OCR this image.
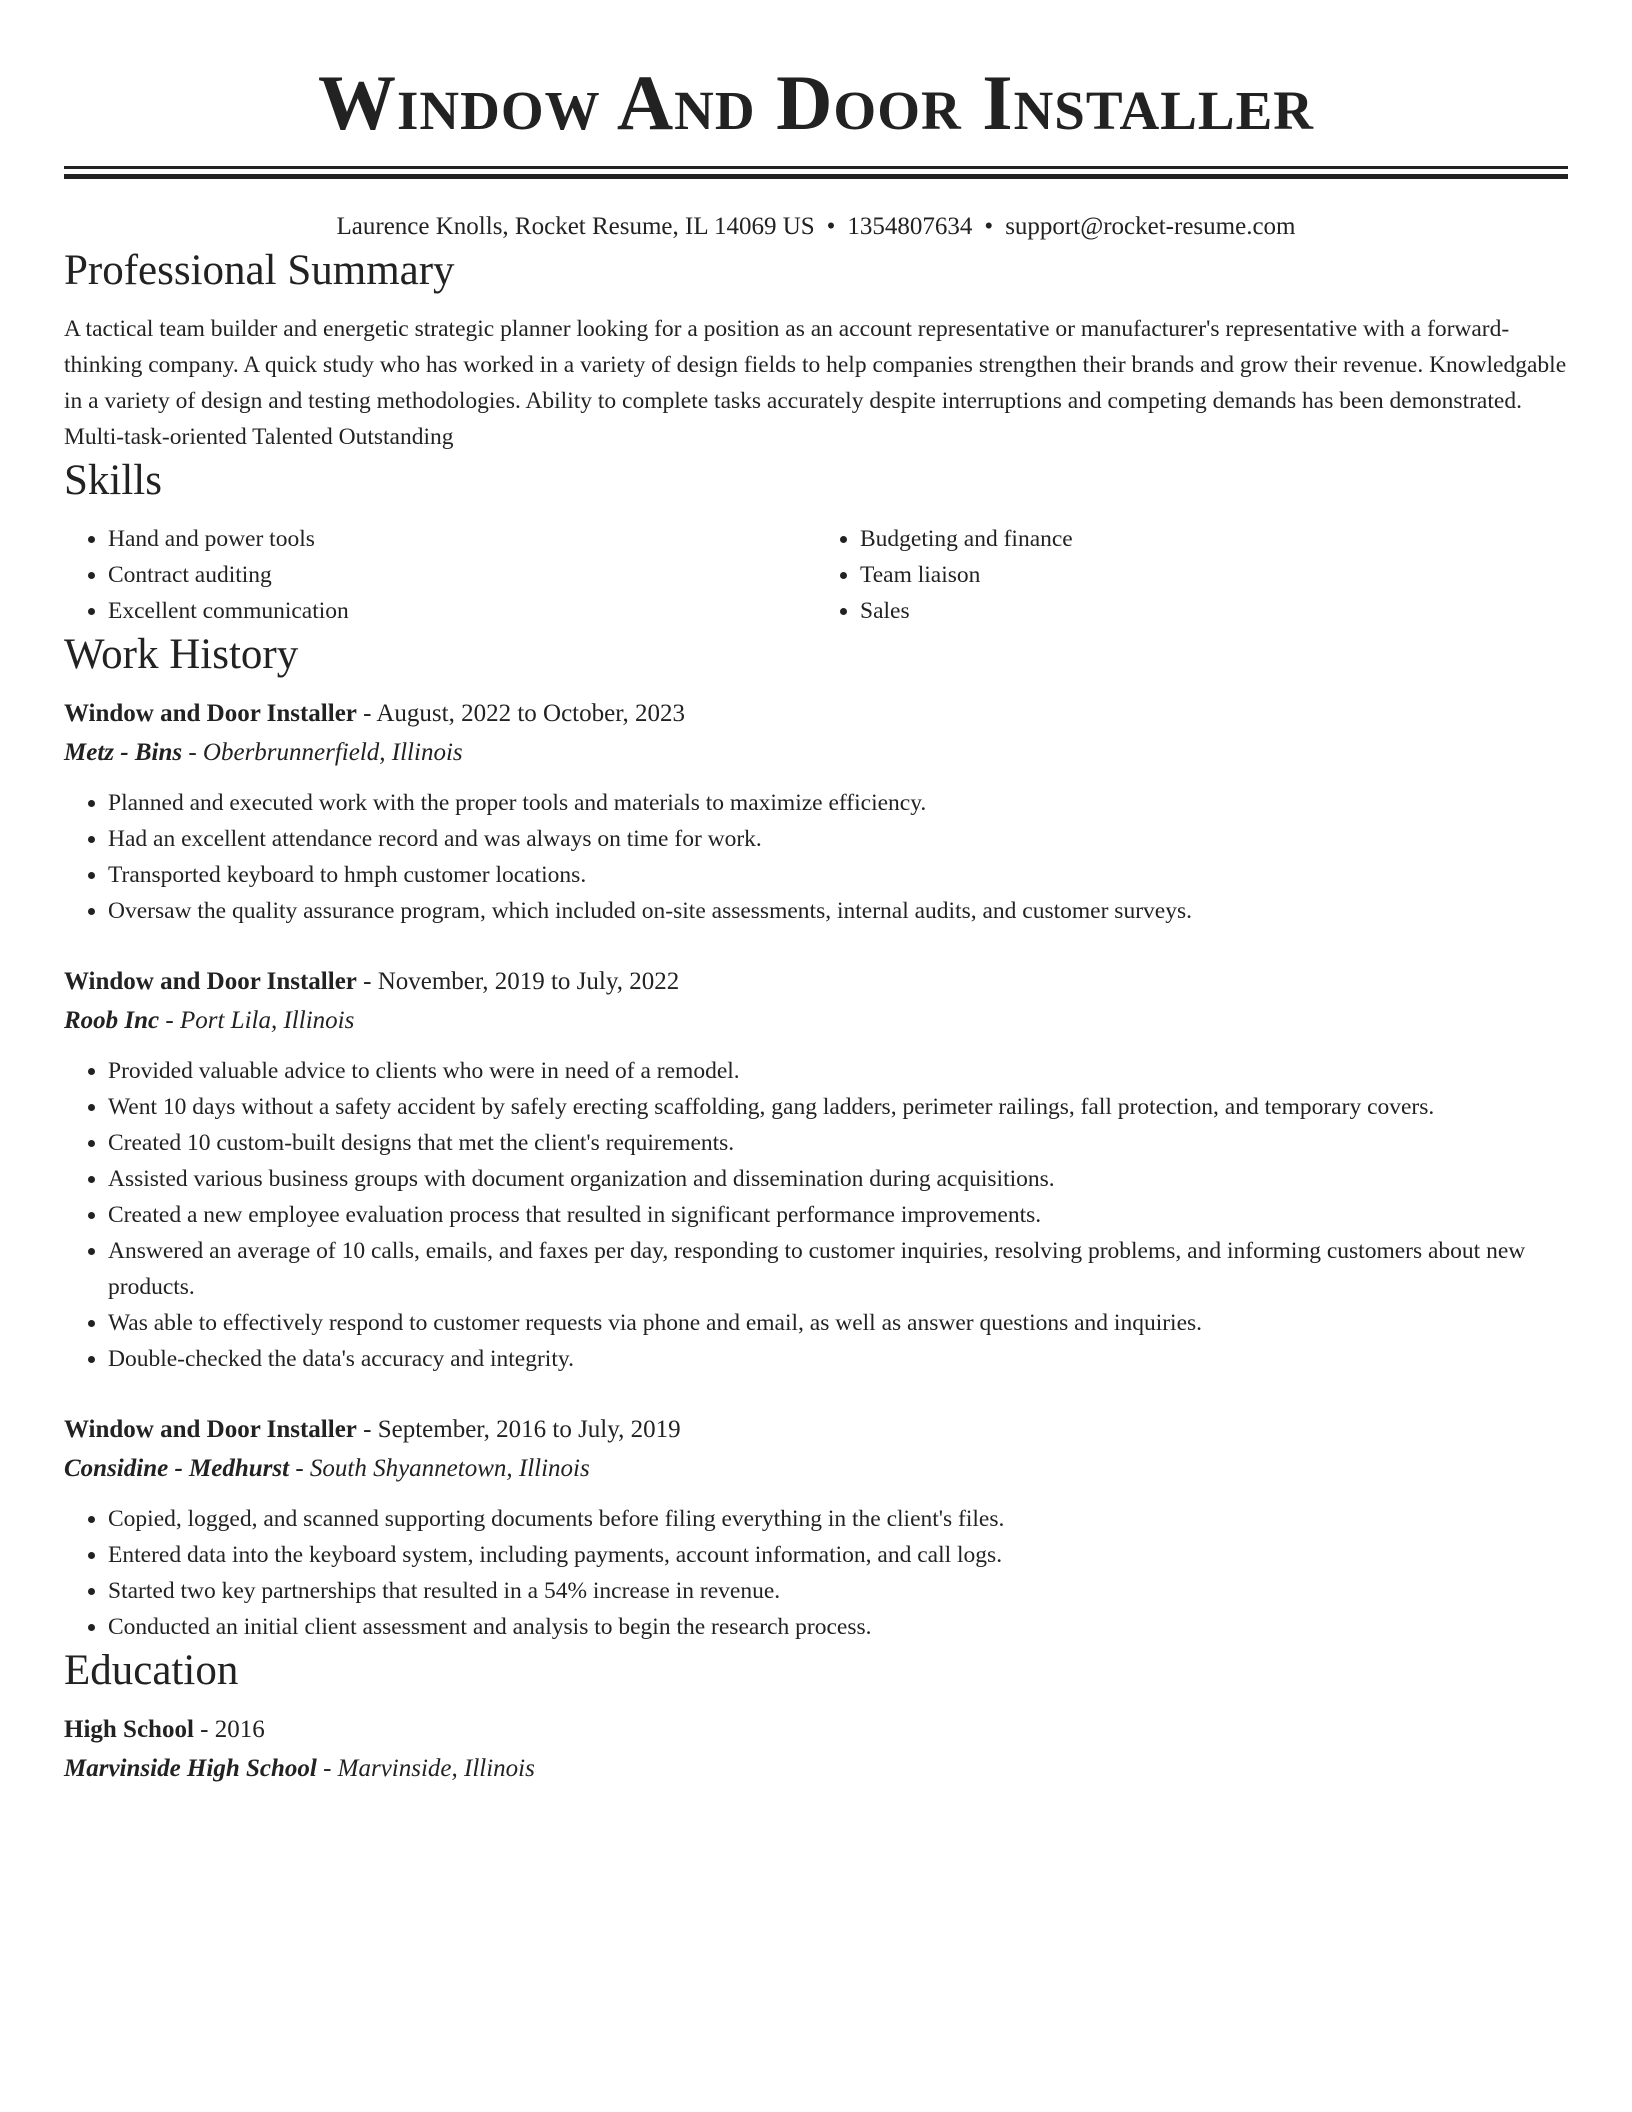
Window And Door Installer
Laurence Knolls, Rocket Resume, IL 14069 US • 1354807634 • support@rocket-resume.com
Professional Summary

A tactical team builder and energetic strategic planner looking for a position as an account representative or manufacturer's representative with a forward-thinking company. A quick study who has worked in a variety of design fields to help companies strengthen their brands and grow their revenue. Knowledgable in a variety of design and testing methodologies. Ability to complete tasks accurately despite interruptions and competing demands has been demonstrated. Multi-task-oriented Talented Outstanding

Skills
• Hand and power tools
• Contract auditing
• Excellent communication
• Budgeting and finance
• Team liaison
• Sales
Work History
Window and Door Installer - August, 2022 to October, 2023
Metz - Bins - Oberbrunnerfield, Illinois
• Planned and executed work with the proper tools and materials to maximize efficiency.
• Had an excellent attendance record and was always on time for work.
• Transported keyboard to hmph customer locations.
• Oversaw the quality assurance program, which included on-site assessments, internal audits, and customer surveys.
Window and Door Installer - November, 2019 to July, 2022
Roob Inc - Port Lila, Illinois
• Provided valuable advice to clients who were in need of a remodel.
• Went 10 days without a safety accident by safely erecting scaffolding, gang ladders, perimeter railings, fall protection, and temporary covers.
• Created 10 custom-built designs that met the client's requirements.
• Assisted various business groups with document organization and dissemination during acquisitions.
• Created a new employee evaluation process that resulted in significant performance improvements.
• Answered an average of 10 calls, emails, and faxes per day, responding to customer inquiries, resolving problems, and informing customers about new products.
• Was able to effectively respond to customer requests via phone and email, as well as answer questions and inquiries.
• Double-checked the data's accuracy and integrity.
Window and Door Installer - September, 2016 to July, 2019
Considine - Medhurst - South Shyannetown, Illinois
• Copied, logged, and scanned supporting documents before filing everything in the client's files.
• Entered data into the keyboard system, including payments, account information, and call logs.
• Started two key partnerships that resulted in a 54% increase in revenue.
• Conducted an initial client assessment and analysis to begin the research process.
Education
High School - 2016
Marvinside High School - Marvinside, Illinois
